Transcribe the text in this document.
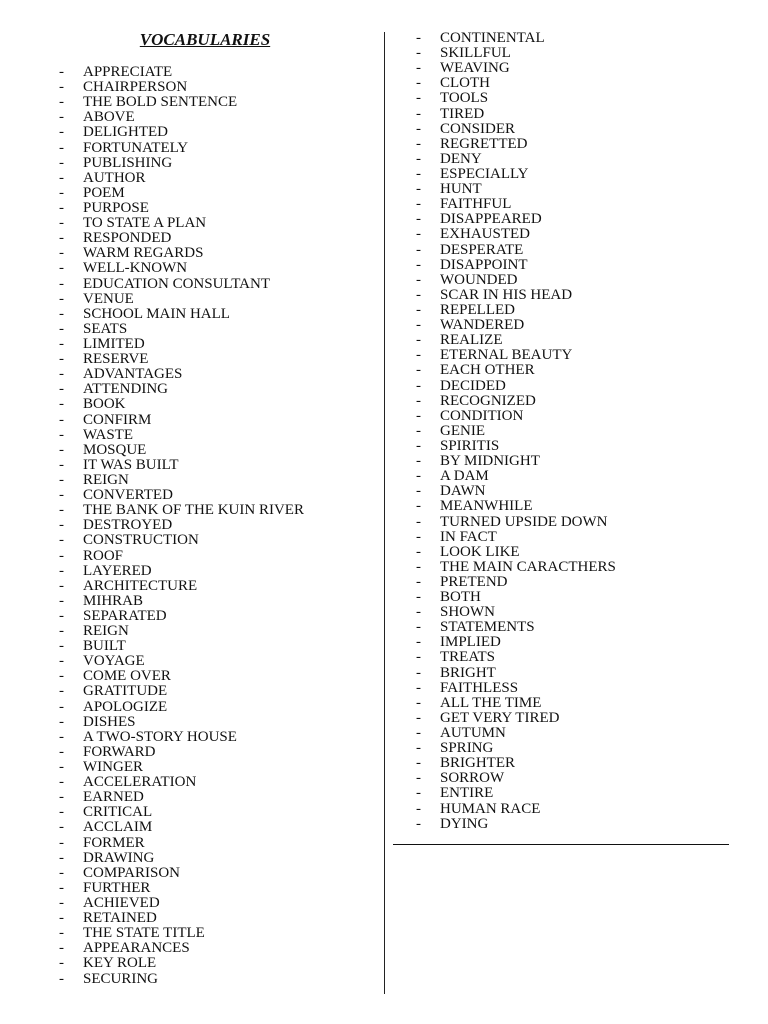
VOCABULARIES
- APPRECIATE
- CHAIRPERSON
- THE BOLD SENTENCE
- ABOVE
- DELIGHTED
- FORTUNATELY
- PUBLISHING
- AUTHOR
- POEM
- PURPOSE
- TO STATE A PLAN
- RESPONDED
- WARM REGARDS
- WELL-KNOWN
- EDUCATION CONSULTANT
- VENUE
- SCHOOL MAIN HALL
- SEATS
- LIMITED
- RESERVE
- ADVANTAGES
- ATTENDING
- BOOK
- CONFIRM
- WASTE
- MOSQUE
- IT WAS BUILT
- REIGN
- CONVERTED
- THE BANK OF THE KUIN RIVER
- DESTROYED
- CONSTRUCTION
- ROOF
- LAYERED
- ARCHITECTURE
- MIHRAB
- SEPARATED
- REIGN
- BUILT
- VOYAGE
- COME OVER
- GRATITUDE
- APOLOGIZE
- DISHES
- A TWO-STORY HOUSE
- FORWARD
- WINGER
- ACCELERATION
- EARNED
- CRITICAL
- ACCLAIM
- FORMER
- DRAWING
- COMPARISON
- FURTHER
- ACHIEVED
- RETAINED
- THE STATE TITLE
- APPEARANCES
- KEY ROLE
- SECURING
- CONTINENTAL
- SKILLFUL
- WEAVING
- CLOTH
- TOOLS
- TIRED
- CONSIDER
- REGRETTED
- DENY
- ESPECIALLY
- HUNT
- FAITHFUL
- DISAPPEARED
- EXHAUSTED
- DESPERATE
- DISAPPOINT
- WOUNDED
- SCAR IN HIS HEAD
- REPELLED
- WANDERED
- REALIZE
- ETERNAL BEAUTY
- EACH OTHER
- DECIDED
- RECOGNIZED
- CONDITION
- GENIE
- SPIRITIS
- BY MIDNIGHT
- A DAM
- DAWN
- MEANWHILE
- TURNED UPSIDE DOWN
- IN FACT
- LOOK LIKE
- THE MAIN CARACTHERS
- PRETEND
- BOTH
- SHOWN
- STATEMENTS
- IMPLIED
- TREATS
- BRIGHT
- FAITHLESS
- ALL THE TIME
- GET VERY TIRED
- AUTUMN
- SPRING
- BRIGHTER
- SORROW
- ENTIRE
- HUMAN RACE
- DYING
